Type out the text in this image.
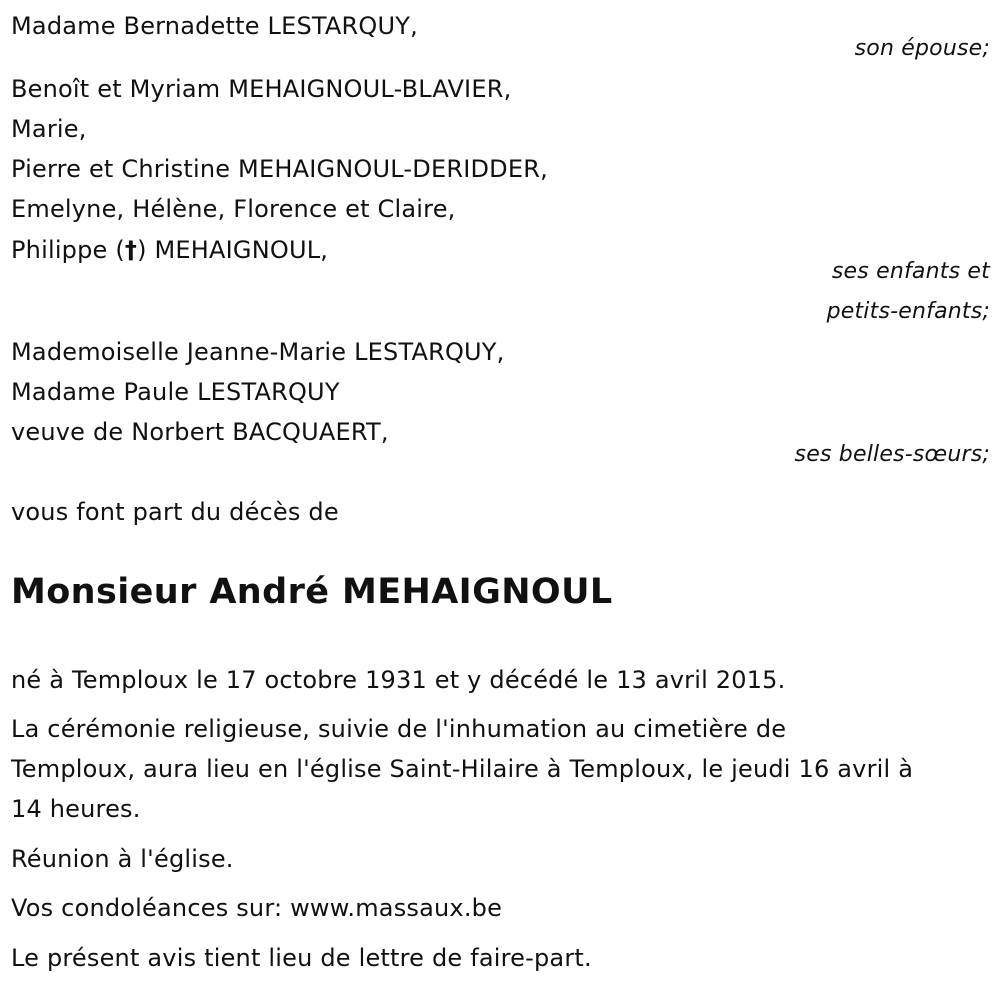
Madame Bernadette LESTARQUY,
son épouse;
Benoît et Myriam MEHAIGNOUL-BLAVIER,
Marie,
Pierre et Christine MEHAIGNOUL-DERIDDER,
Emelyne, Hélène, Florence et Claire,
Philippe (†) MEHAIGNOUL,
ses enfants et
petits-enfants;
Mademoiselle Jeanne-Marie LESTARQUY,
Madame Paule LESTARQUY
veuve de Norbert BACQUAERT,
ses belles-sœurs;
vous font part du décès de
Monsieur André MEHAIGNOUL
né à Temploux le 17 octobre 1931 et y décédé le 13 avril 2015.
La cérémonie religieuse, suivie de l'inhumation au cimetière de
Temploux, aura lieu en l'église Saint-Hilaire à Temploux, le jeudi 16 avril à
14 heures.
Réunion à l'église.
Vos condoléances sur: www.massaux.be
Le présent avis tient lieu de lettre de faire-part.
